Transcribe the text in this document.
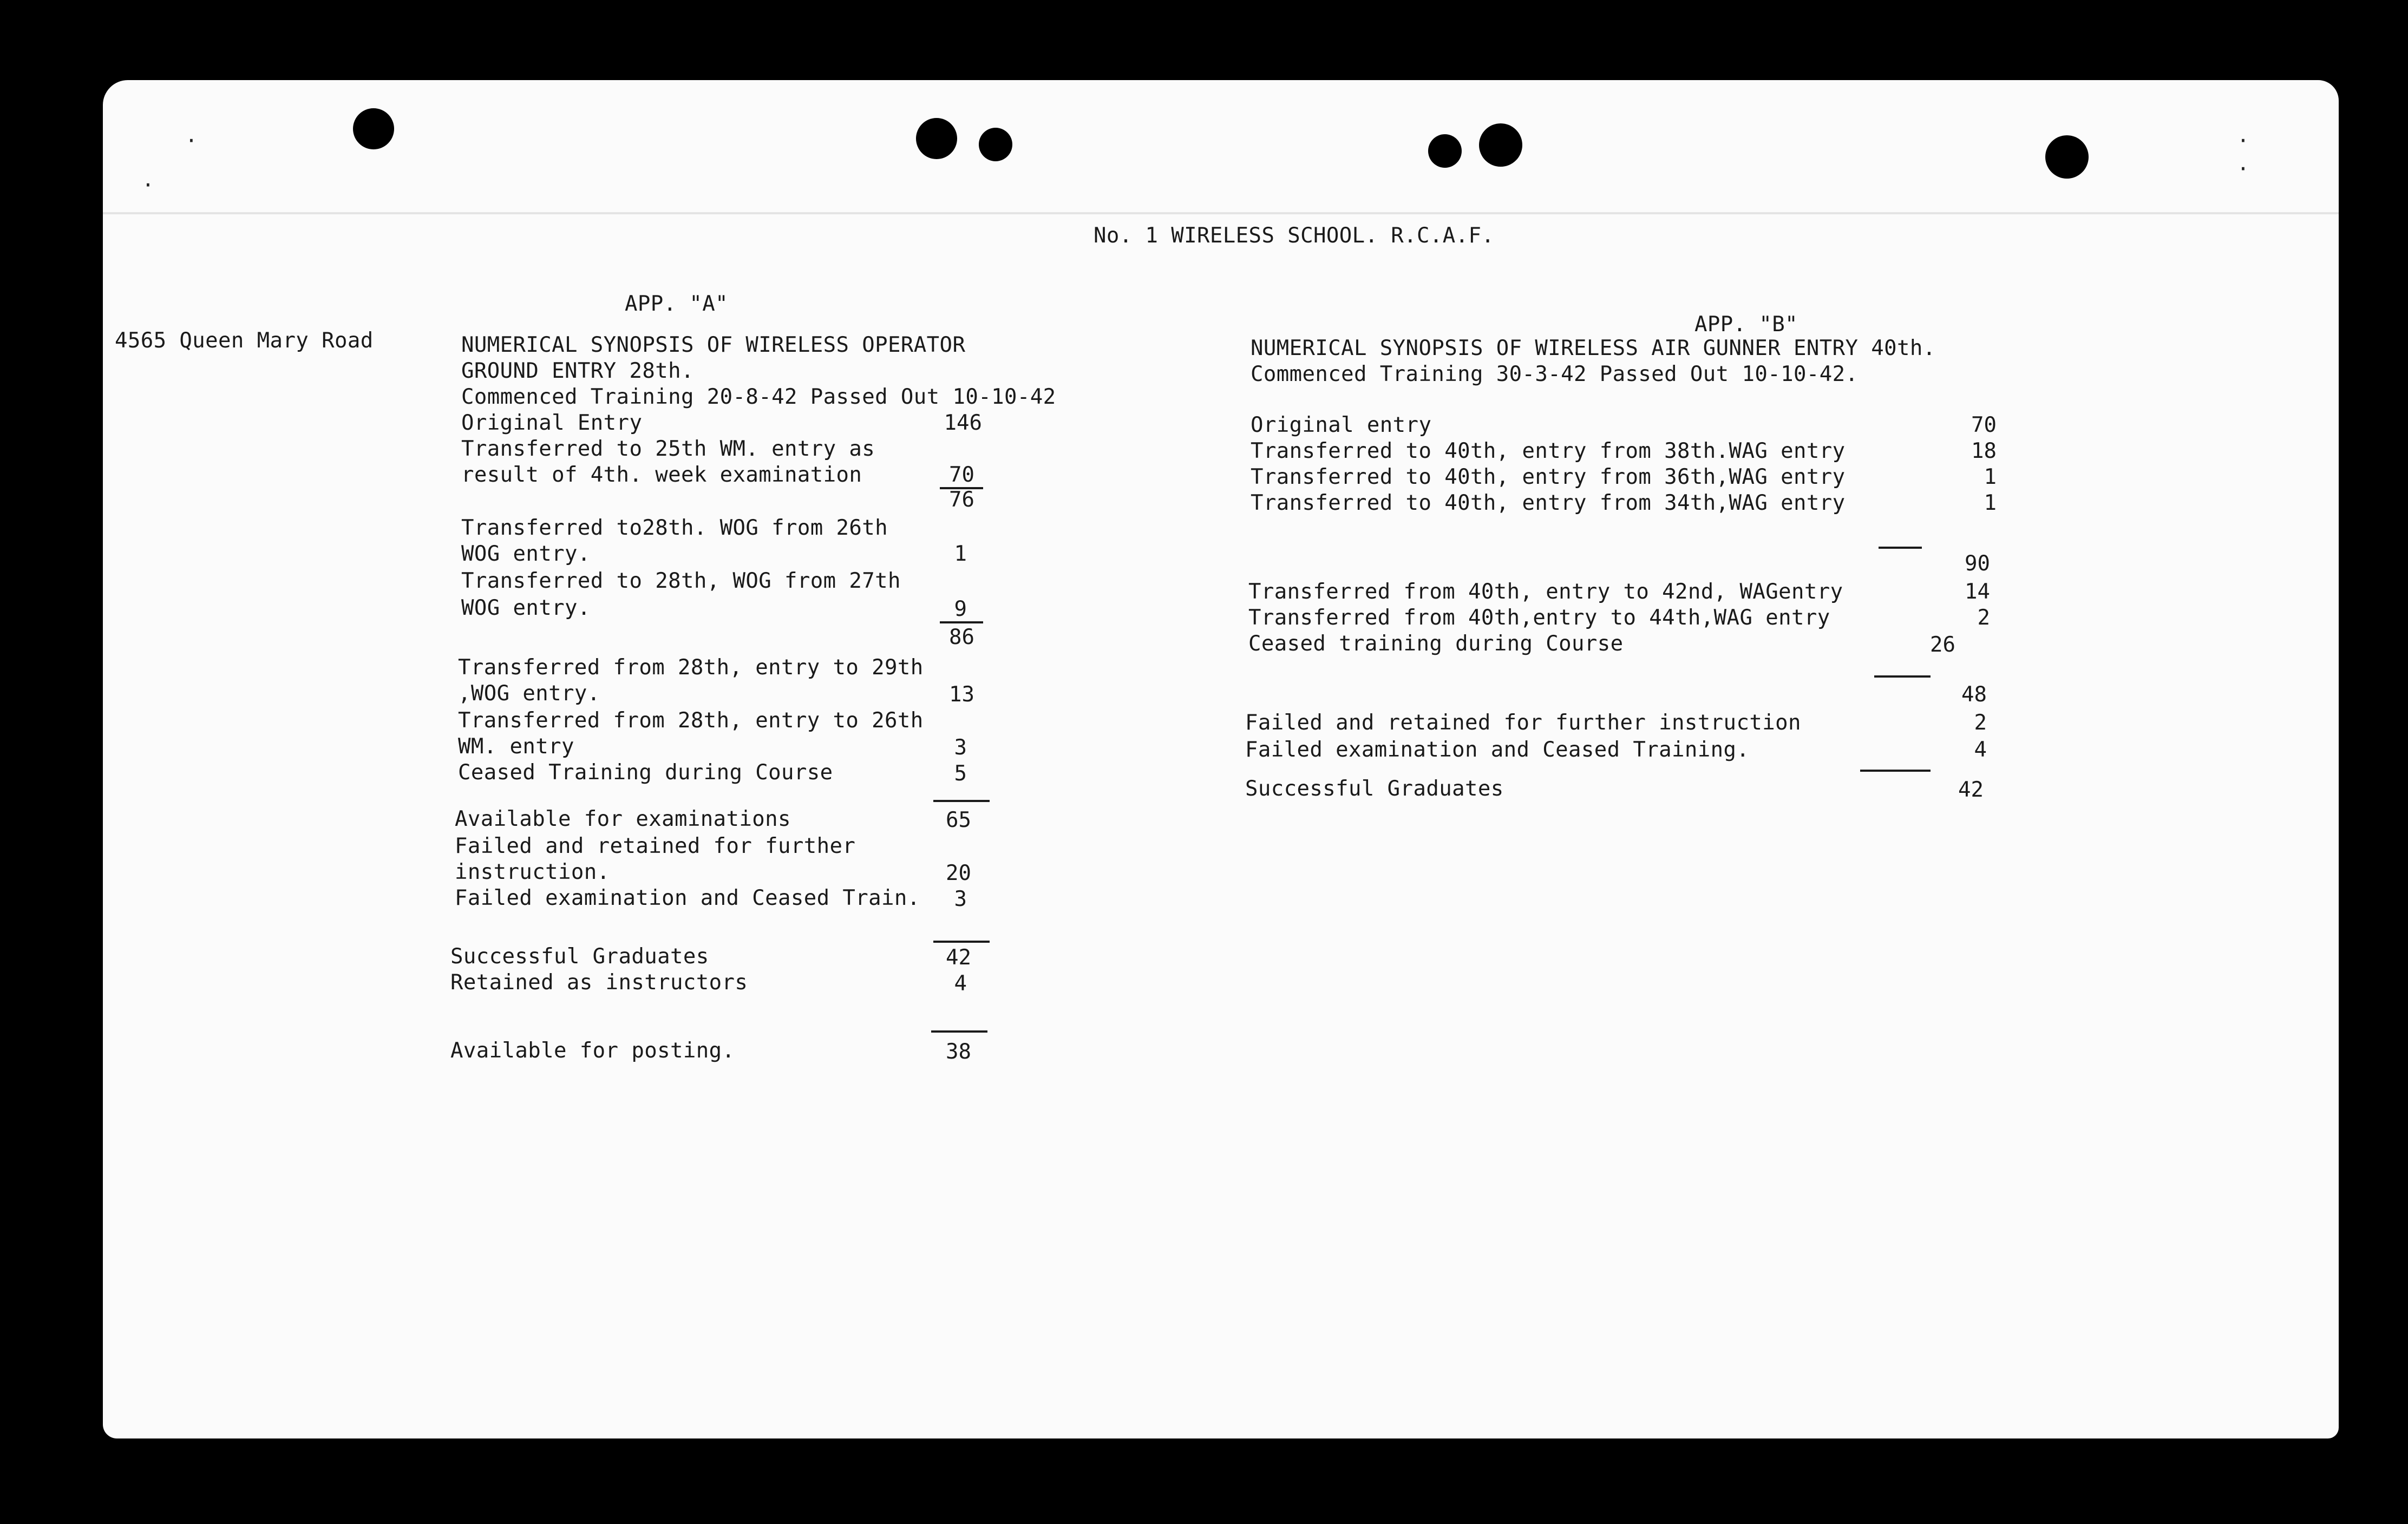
·
·
·
·
No. 1 WIRELESS SCHOOL. R.C.A.F.
4565 Queen Mary Road
APP. "A"
NUMERICAL SYNOPSIS OF WIRELESS OPERATOR
GROUND ENTRY 28th.
Commenced Training 20-8-42 Passed Out 10-10-42
Original Entry	146
Transferred to 25th WM. entry as
result of 4th. week examination	70
76
Transferred to28th. WOG from 26th
WOG entry.	1
Transferred to 28th, WOG from 27th
WOG entry.	9
86
Transferred from 28th, entry to 29th
,WOG entry.	13
Transferred from 28th, entry to 26th
WM. entry	3
Ceased Training during Course	5
Available for examinations	65
Failed and retained for further
instruction.	20
Failed examination and Ceased Train.	3
Successful Graduates	42
Retained as instructors	4
Available for posting.	38
APP. "B"
NUMERICAL SYNOPSIS OF WIRELESS AIR GUNNER ENTRY 40th.
Commenced Training 30-3-42 Passed Out 10-10-42.
Original entry	70
Transferred to 40th, entry from 38th.WAG entry	18
Transferred to 40th, entry from 36th,WAG entry	1
Transferred to 40th, entry from 34th,WAG entry	1
90
Transferred from 40th, entry to 42nd, WAGentry	14
Transferred from 40th,entry to 44th,WAG entry	2
Ceased training during Course	26
48
Failed and retained for further instruction	2
Failed examination and Ceased Training.	4
Successful Graduates	42
